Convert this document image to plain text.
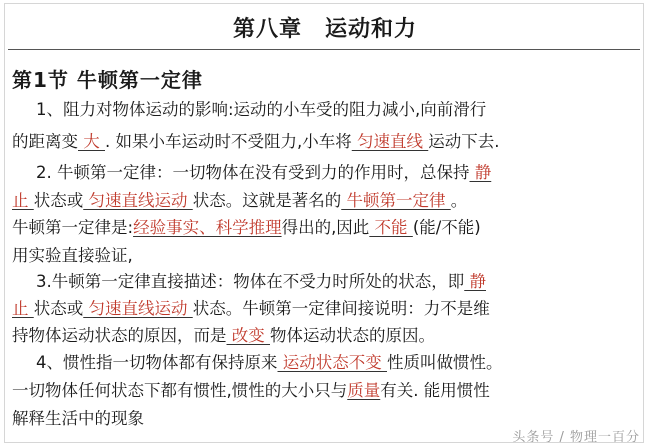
第八章　运动和力
第1节 牛顿第一定律
1、阻力对物体运动的影响:运动的小车受的阻力减小,向前滑行
的距离变 大 . 如果小车运动时不受阻力,小车将 匀速直线 运动下去.
2. 牛顿第一定律：一切物体在没有受到力的作用时，总保持 静
止 状态或 匀速直线运动 状态。这就是著名的 牛顿第一定律 。
牛顿第一定律是:经验事实、科学推理得出的,因此 不能 (能/不能)
用实验直接验证,
3.牛顿第一定律直接描述：物体在不受力时所处的状态，即 静
止 状态或 匀速直线运动 状态。牛顿第一定律间接说明：力不是维
持物体运动状态的原因，而是 改变 物体运动状态的原因。
4、惯性指一切物体都有保持原来 运动状态不变 性质叫做惯性。
一切物体任何状态下都有惯性,惯性的大小只与质量有关. 能用惯性
解释生活中的现象
头条号 / 物理一百分
